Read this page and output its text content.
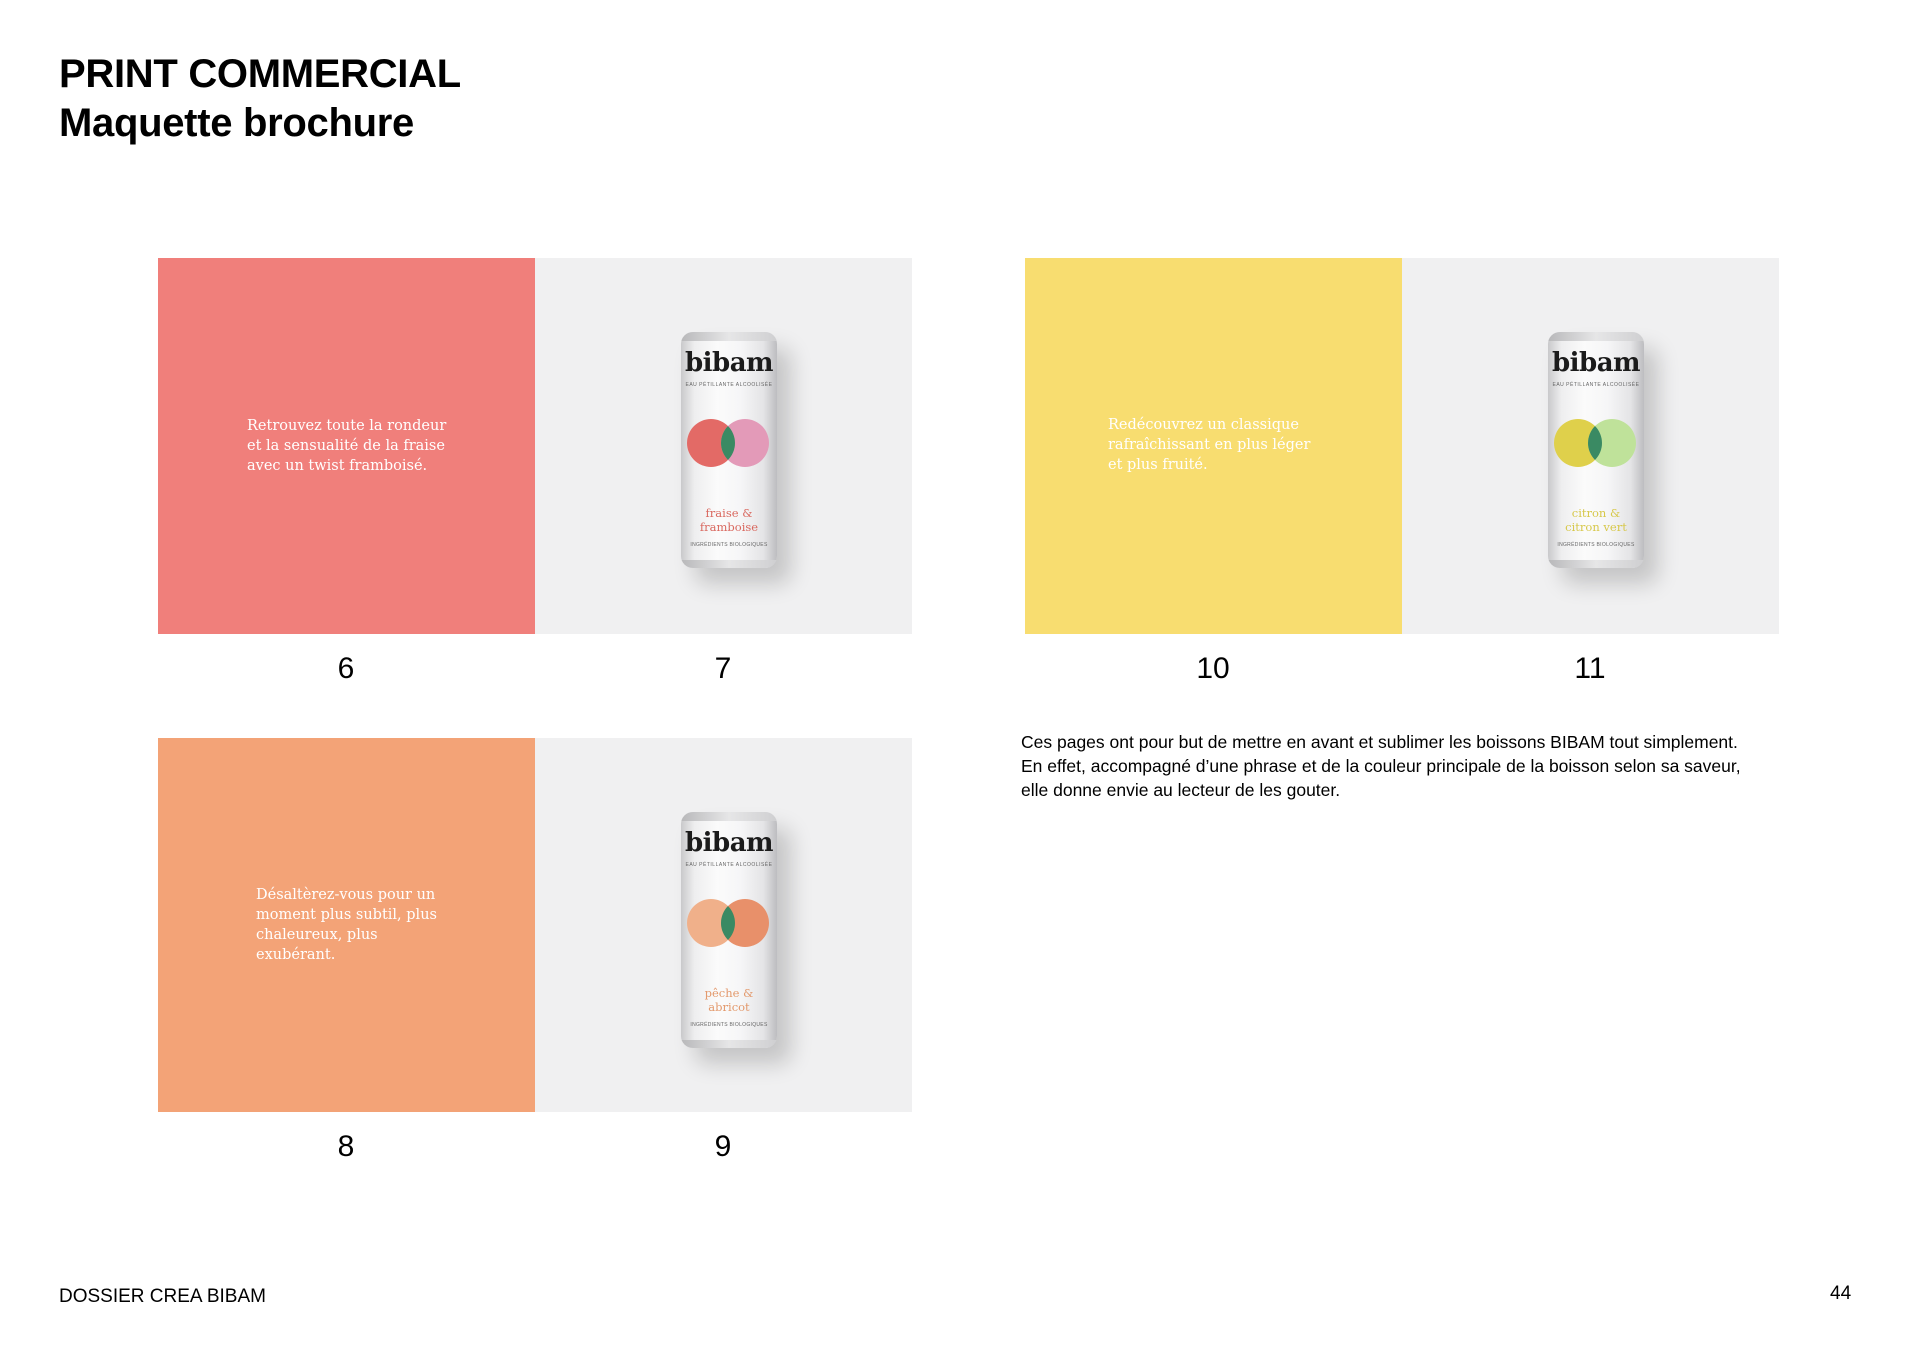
PRINT COMMERCIAL
Maquette brochure
Retrouvez toute la rondeur
et la sensualité de la fraise
avec un twist framboisé.
bibam
EAU PÉTILLANTE ALCOOLISÉE
fraise &
framboise
INGRÉDIENTS BIOLOGIQUES
6	7
Redécouvrez un classique
rafraîchissant en plus léger
et plus fruité.
bibam
EAU PÉTILLANTE ALCOOLISÉE
citron &
citron vert
INGRÉDIENTS BIOLOGIQUES
10	11
Désaltèrez-vous pour un
moment plus subtil, plus
chaleureux, plus
exubérant.
bibam
EAU PÉTILLANTE ALCOOLISÉE
pêche &
abricot
INGRÉDIENTS BIOLOGIQUES
8	9
Ces pages ont pour but de mettre en avant et sublimer les boissons BIBAM tout simplement. En effet, accompagné d’une phrase et de la couleur principale de la boisson selon sa saveur, elle donne envie au lecteur de les gouter.
DOSSIER CREA BIBAM	44
